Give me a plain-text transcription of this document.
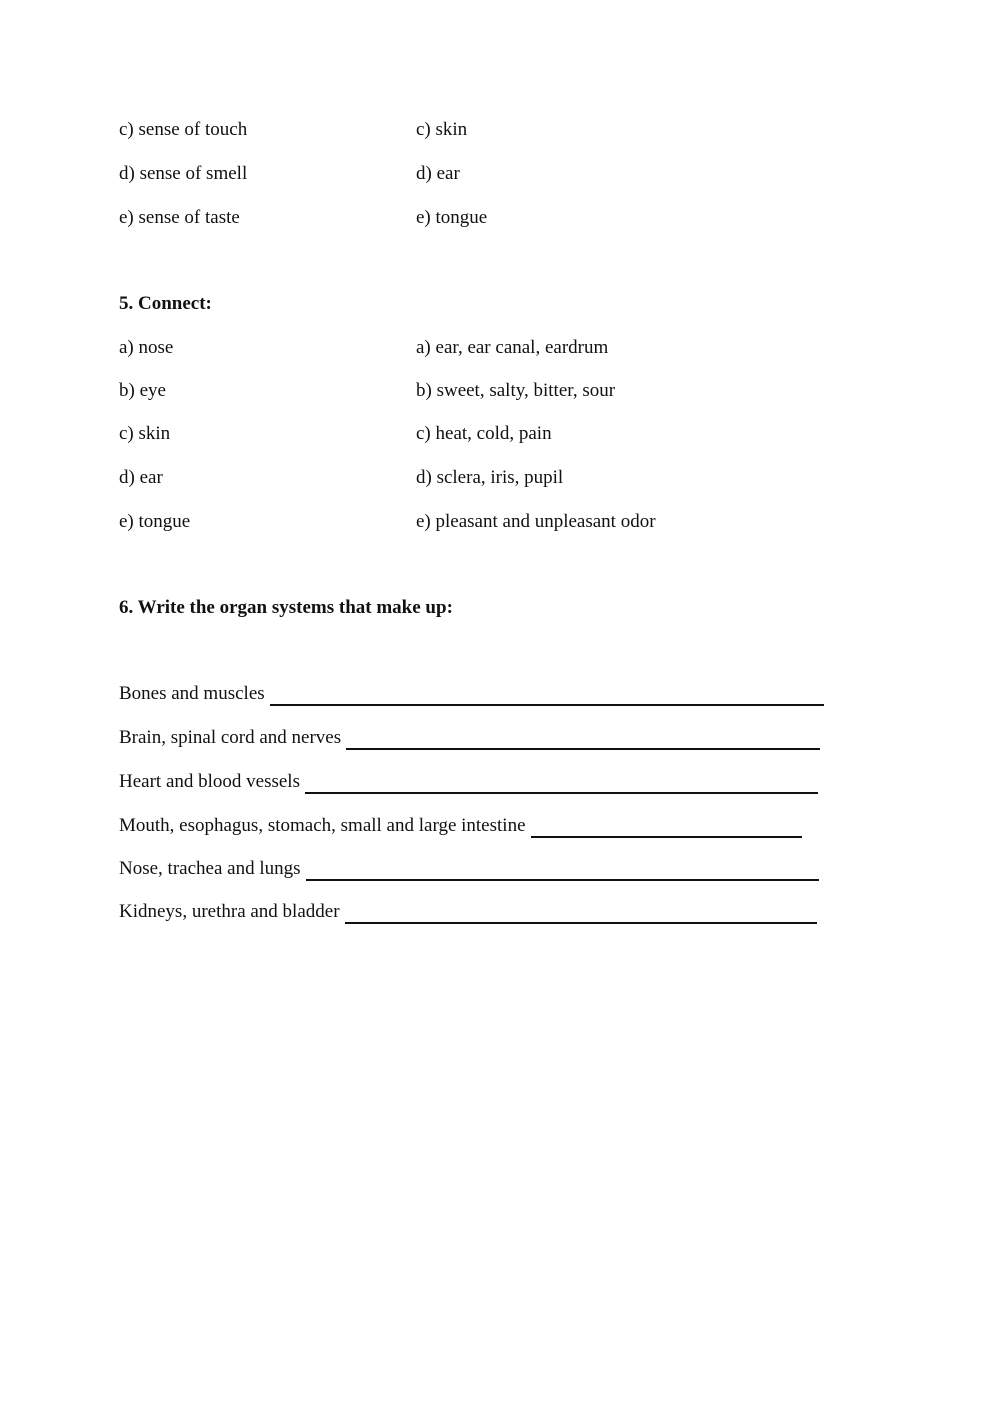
c) sense of touch	c) skin
d) sense of smell	d) ear
e) sense of taste	e) tongue
5. Connect:
a) nose	a) ear, ear canal, eardrum
b) eye	b) sweet, salty, bitter, sour
c) skin	c) heat, cold, pain
d) ear	d) sclera, iris, pupil
e) tongue	e) pleasant and unpleasant odor
6. Write the organ systems that make up:
Bones and muscles
Brain, spinal cord and nerves
Heart and blood vessels
Mouth, esophagus, stomach, small and large intestine
Nose, trachea and lungs
Kidneys, urethra and bladder
